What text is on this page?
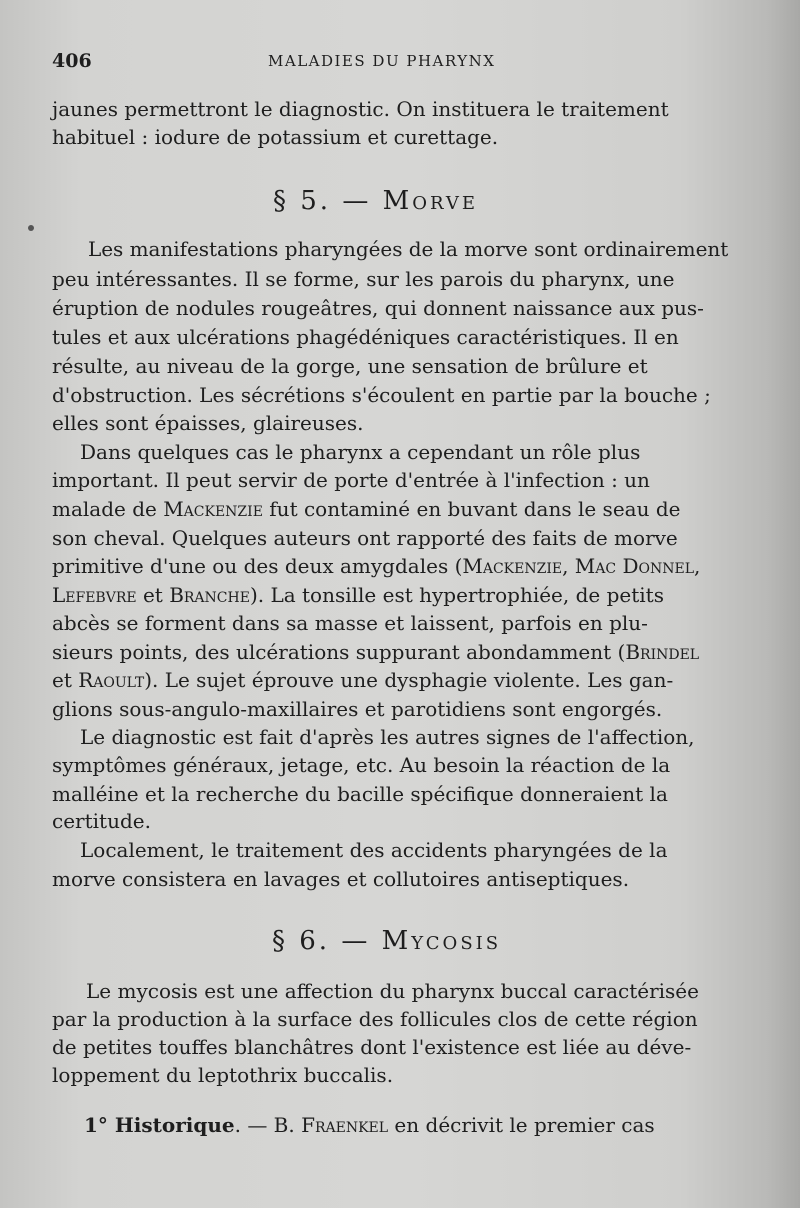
406	MALADIES DU PHARYNX
jaunes permettront le diagnostic. On instituera le traitement
habituel : iodure de potassium et curettage.
§ 5. — Morve
Les manifestations pharyngées de la morve sont ordinairement
peu intéressantes. Il se forme, sur les parois du pharynx, une
éruption de nodules rougeâtres, qui donnent naissance aux pus-
tules et aux ulcérations phagédéniques caractéristiques. Il en
résulte, au niveau de la gorge, une sensation de brûlure et
d'obstruction. Les sécrétions s'écoulent en partie par la bouche ;
elles sont épaisses, glaireuses.
Dans quelques cas le pharynx a cependant un rôle plus
important. Il peut servir de porte d'entrée à l'infection : un
malade de Mackenzie fut contaminé en buvant dans le seau de
son cheval. Quelques auteurs ont rapporté des faits de morve
primitive d'une ou des deux amygdales (Mackenzie, Mac Donnel,
Lefebvre et Branche). La tonsille est hypertrophiée, de petits
abcès se forment dans sa masse et laissent, parfois en plu-
sieurs points, des ulcérations suppurant abondamment (Brindel
et Raoult). Le sujet éprouve une dysphagie violente. Les gan-
glions sous-angulo-maxillaires et parotidiens sont engorgés.
Le diagnostic est fait d'après les autres signes de l'affection,
symptômes généraux, jetage, etc. Au besoin la réaction de la
malléine et la recherche du bacille spécifique donneraient la
certitude.
Localement, le traitement des accidents pharyngées de la
morve consistera en lavages et collutoires antiseptiques.
§ 6. — Mycosis
Le mycosis est une affection du pharynx buccal caractérisée
par la production à la surface des follicules clos de cette région
de petites touffes blanchâtres dont l'existence est liée au déve-
loppement du leptothrix buccalis.
1° Historique. — B. Fraenkel en décrivit le premier cas
